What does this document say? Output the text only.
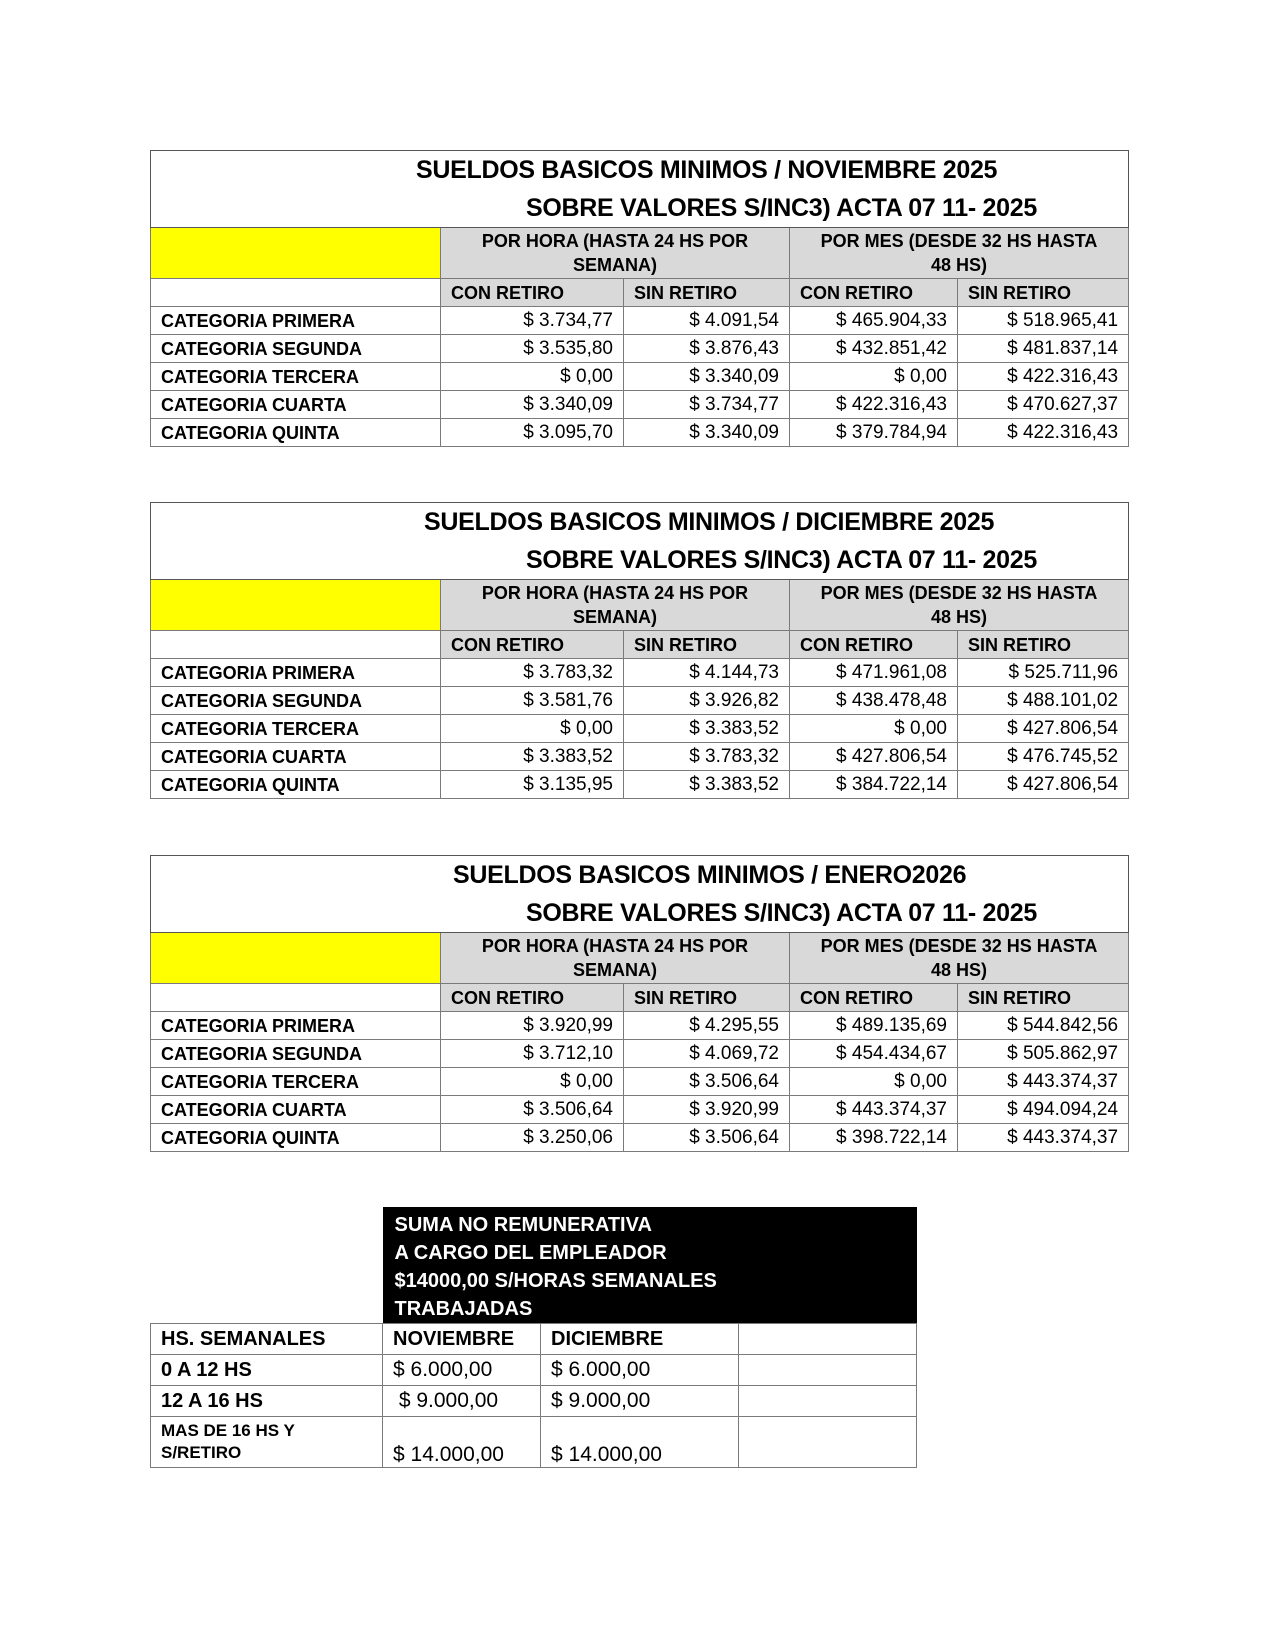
SUELDOS BASICOS MINIMOS / NOVIEMBRE 2025
SOBRE VALORES S/INC3) ACTA 07 11- 2025				

	POR HORA (HASTA 24 HS POR SEMANA)		POR MES (DESDE 32 HS HASTA 48 HS)	
	CON RETIRO	SIN RETIRO	CON RETIRO	SIN RETIRO
CATEGORIA PRIMERA	$ 3.734,77	$ 4.091,54	$ 465.904,33	$ 518.965,41
CATEGORIA SEGUNDA	$ 3.535,80	$ 3.876,43	$ 432.851,42	$ 481.837,14
CATEGORIA TERCERA	$ 0,00	$ 3.340,09	$ 0,00	$ 422.316,43
CATEGORIA CUARTA	$ 3.340,09	$ 3.734,77	$ 422.316,43	$ 470.627,37
CATEGORIA QUINTA	$ 3.095,70	$ 3.340,09	$ 379.784,94	$ 422.316,43
SUELDOS BASICOS MINIMOS / DICIEMBRE 2025
SOBRE VALORES S/INC3) ACTA 07 11- 2025				

	POR HORA (HASTA 24 HS POR SEMANA)		POR MES (DESDE 32 HS HASTA 48 HS)	
	CON RETIRO	SIN RETIRO	CON RETIRO	SIN RETIRO
CATEGORIA PRIMERA	$ 3.783,32	$ 4.144,73	$ 471.961,08	$ 525.711,96
CATEGORIA SEGUNDA	$ 3.581,76	$ 3.926,82	$ 438.478,48	$ 488.101,02
CATEGORIA TERCERA	$ 0,00	$ 3.383,52	$ 0,00	$ 427.806,54
CATEGORIA CUARTA	$ 3.383,52	$ 3.783,32	$ 427.806,54	$ 476.745,52
CATEGORIA QUINTA	$ 3.135,95	$ 3.383,52	$ 384.722,14	$ 427.806,54
SUELDOS BASICOS MINIMOS / ENERO2026
SOBRE VALORES S/INC3) ACTA 07 11- 2025				

	POR HORA (HASTA 24 HS POR SEMANA)		POR MES (DESDE 32 HS HASTA 48 HS)	
	CON RETIRO	SIN RETIRO	CON RETIRO	SIN RETIRO
CATEGORIA PRIMERA	$ 3.920,99	$ 4.295,55	$ 489.135,69	$ 544.842,56
CATEGORIA SEGUNDA	$ 3.712,10	$ 4.069,72	$ 454.434,67	$ 505.862,97
CATEGORIA TERCERA	$ 0,00	$ 3.506,64	$ 0,00	$ 443.374,37
CATEGORIA CUARTA	$ 3.506,64	$ 3.920,99	$ 443.374,37	$ 494.094,24
CATEGORIA QUINTA	$ 3.250,06	$ 3.506,64	$ 398.722,14	$ 443.374,37

	SUMA NO REMUNERATIVA
A CARGO DEL EMPLEADOR
$14000,00 S/HORAS SEMANALES
TRABAJADAS		

HS. SEMANALES	NOVIEMBRE	DICIEMBRE	
0 A 12 HS	$ 6.000,00	$ 6.000,00	
12 A 16 HS	$ 9.000,00	$ 9.000,00	
MAS DE 16 HS Y S/RETIRO	$ 14.000,00	$ 14.000,00	
